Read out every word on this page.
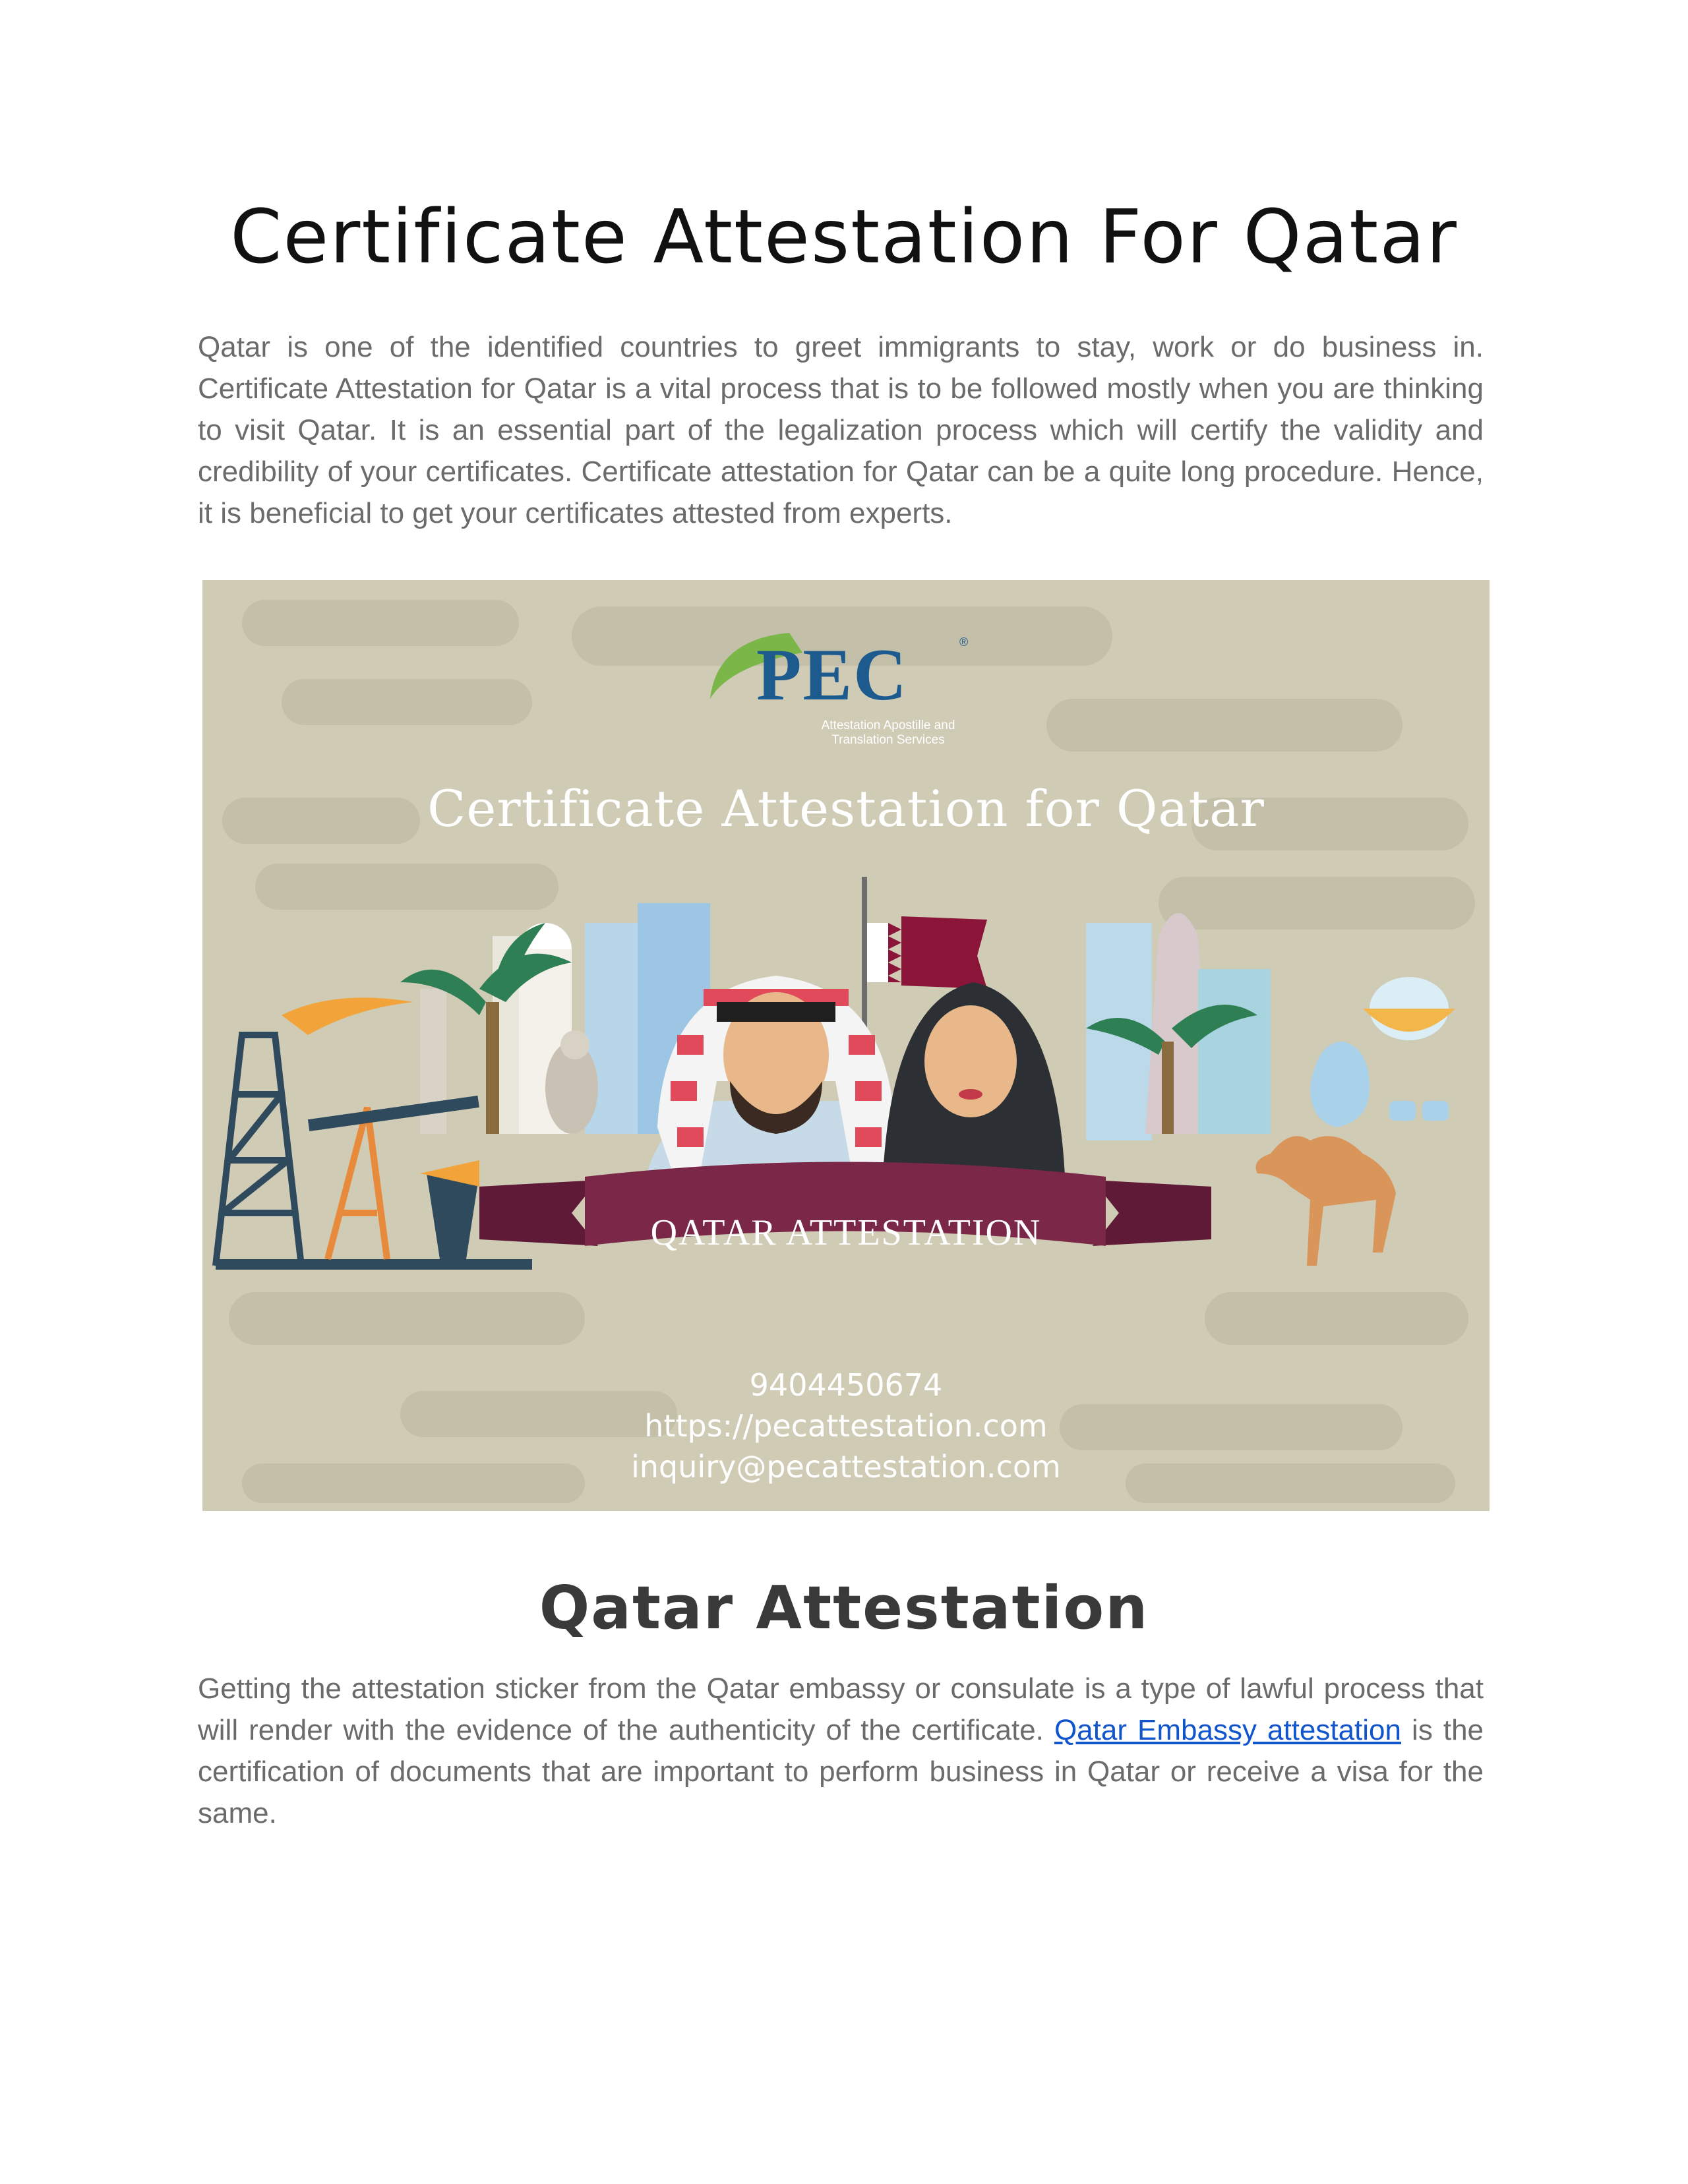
Certificate Attestation For Qatar

Qatar is one of the identified countries to greet immigrants to stay, work or do business in. Certificate Attestation for Qatar is a vital process that is to be followed mostly when you are thinking to visit Qatar. It is an essential part of the legalization process which will certify the validity and credibility of your certificates. Certificate attestation for Qatar can be a quite long procedure. Hence, it is beneficial to get your certificates attested from experts.

PEC	®
Attestation Apostille and
Translation Services
Certificate Attestation for Qatar
QATAR ATTESTATION
9404450674
https://pecattestation.com
inquiry@pecattestation.com
Qatar Attestation

Getting the attestation sticker from the Qatar embassy or consulate is a type of lawful process that will render with the evidence of the authenticity of the certificate. Qatar Embassy attestation is the certification of documents that are important to perform business in Qatar or receive a visa for the same.
